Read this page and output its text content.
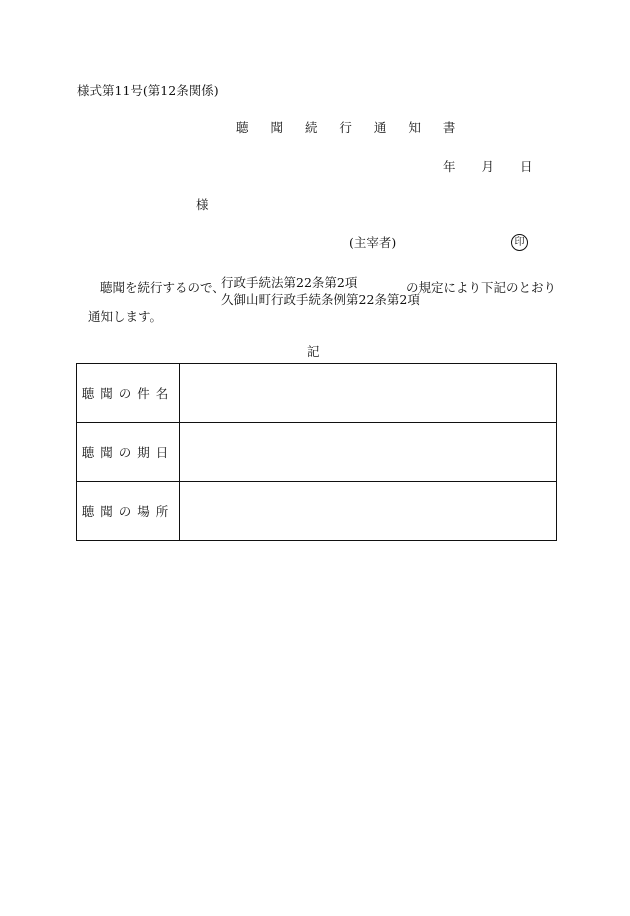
様式第11号(第12条関係)
聴 聞 続 行 通 知 書
年 月 日
様
(主宰者)	印
聴聞を続行するので、
行政手続法第22条第2項
久御山町行政手続条例第22条第2項
の規定により下記のとおり
通知します。
記
聴聞の件名	
聴聞の期日	
聴聞の場所	
